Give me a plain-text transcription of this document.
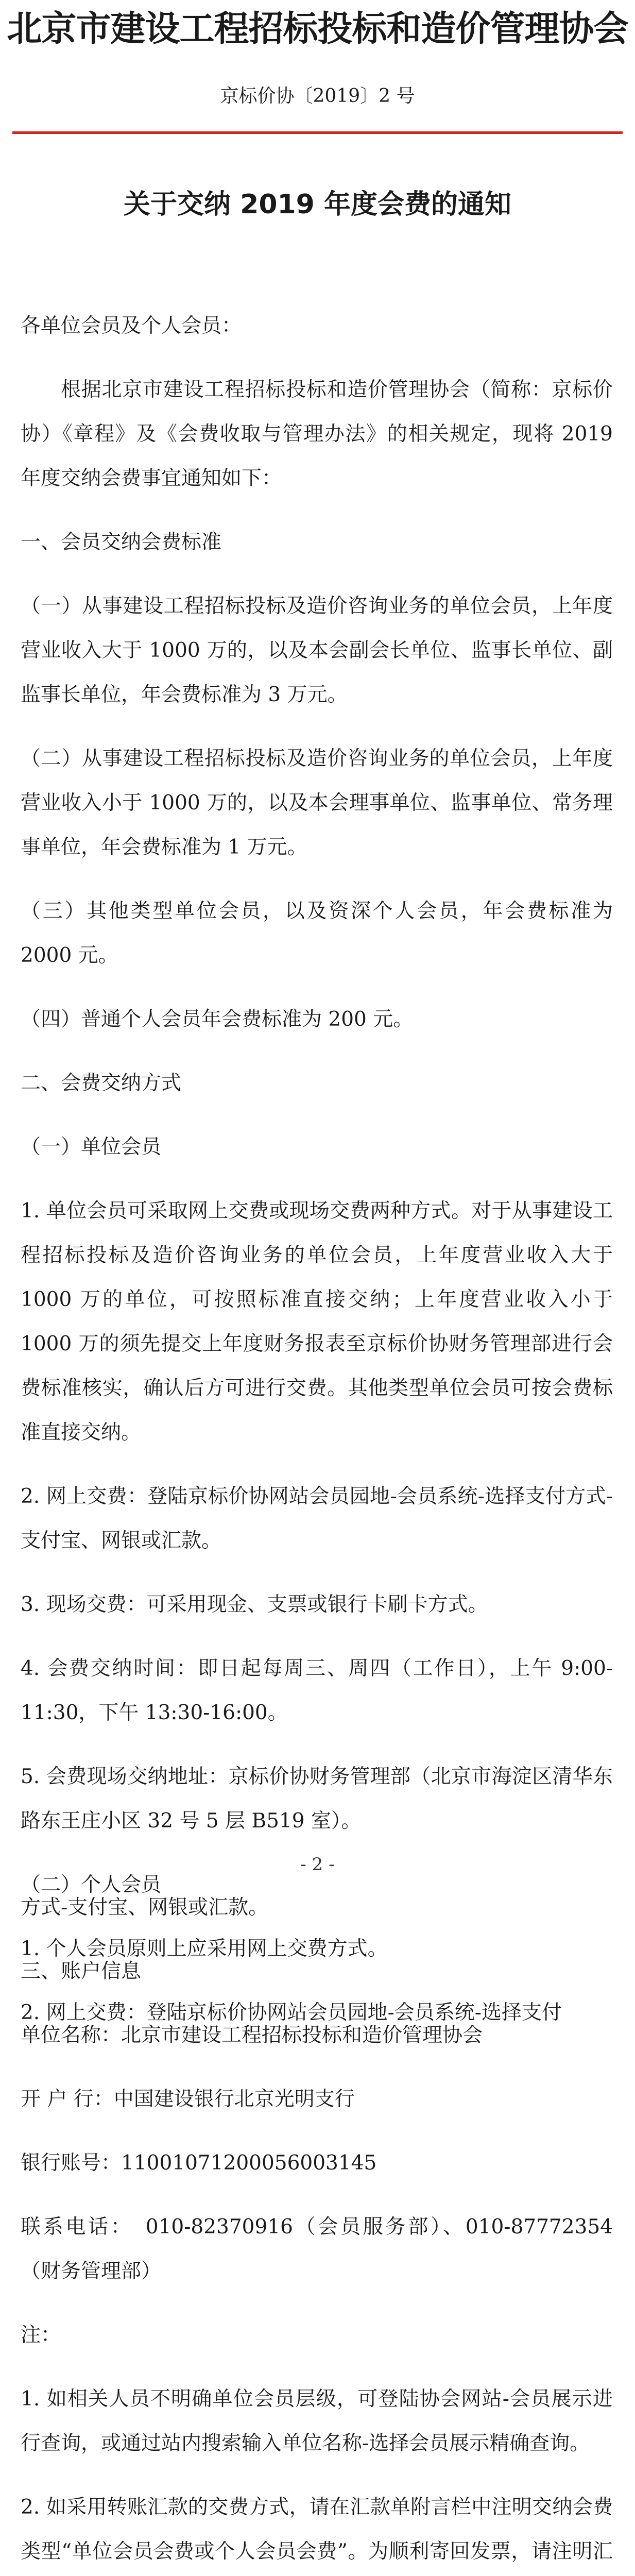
北京市建设工程招标投标和造价管理协会
京标价协〔2019〕2 号
关于交纳 2019 年度会费的通知

各单位会员及个人会员：

根据北京市建设工程招标投标和造价管理协会（简称：京标价协）《章程》及《会费收取与管理办法》的相关规定，现将 2019 年度交纳会费事宜通知如下：

一、会员交纳会费标准

（一）从事建设工程招标投标及造价咨询业务的单位会员，上年度营业收入大于 1000 万的，以及本会副会长单位、监事长单位、副监事长单位，年会费标准为 3 万元。

（二）从事建设工程招标投标及造价咨询业务的单位会员，上年度营业收入小于 1000 万的，以及本会理事单位、监事单位、常务理事单位，年会费标准为 1 万元。

（三）其他类型单位会员，以及资深个人会员，年会费标准为 2000 元。

（四）普通个人会员年会费标准为 200 元。

二、会费交纳方式

（一）单位会员

1. 单位会员可采取网上交费或现场交费两种方式。对于从事建设工程招标投标及造价咨询业务的单位会员，上年度营业收入大于 1000 万的单位，可按照标准直接交纳；上年度营业收入小于 1000 万的须先提交上年度财务报表至京标价协财务管理部进行会费标准核实，确认后方可进行交费。其他类型单位会员可按会费标准直接交纳。

2. 网上交费：登陆京标价协网站会员园地-会员系统-选择支付方式-支付宝、网银或汇款。

3. 现场交费：可采用现金、支票或银行卡刷卡方式。

4. 会费交纳时间：即日起每周三、周四（工作日），上午 9:00-11:30，下午 13:30-16:00。

5. 会费现场交纳地址：京标价协财务管理部（北京市海淀区清华东路东王庄小区 32 号 5 层 B519 室）。

（二）个人会员

1. 个人会员原则上应采用网上交费方式。

2. 网上交费：登陆京标价协网站会员园地-会员系统-选择支付

- 2 -

方式-支付宝、网银或汇款。

三、账户信息

单位名称：北京市建设工程招标投标和造价管理协会

开 户 行：中国建设银行北京光明支行

银行账号：11001071200056003145

联系电话：　010-82370916（会员服务部）、010-87772354（财务管理部）

注：

1. 如相关人员不明确单位会员层级，可登陆协会网站-会员展示进行查询，或通过站内搜索输入单位名称-选择会员展示精确查询。

2. 如采用转账汇款的交费方式，请在汇款单附言栏中注明交纳会费类型“单位会员会费或个人会员会费”。为顺利寄回发票，请注明汇
